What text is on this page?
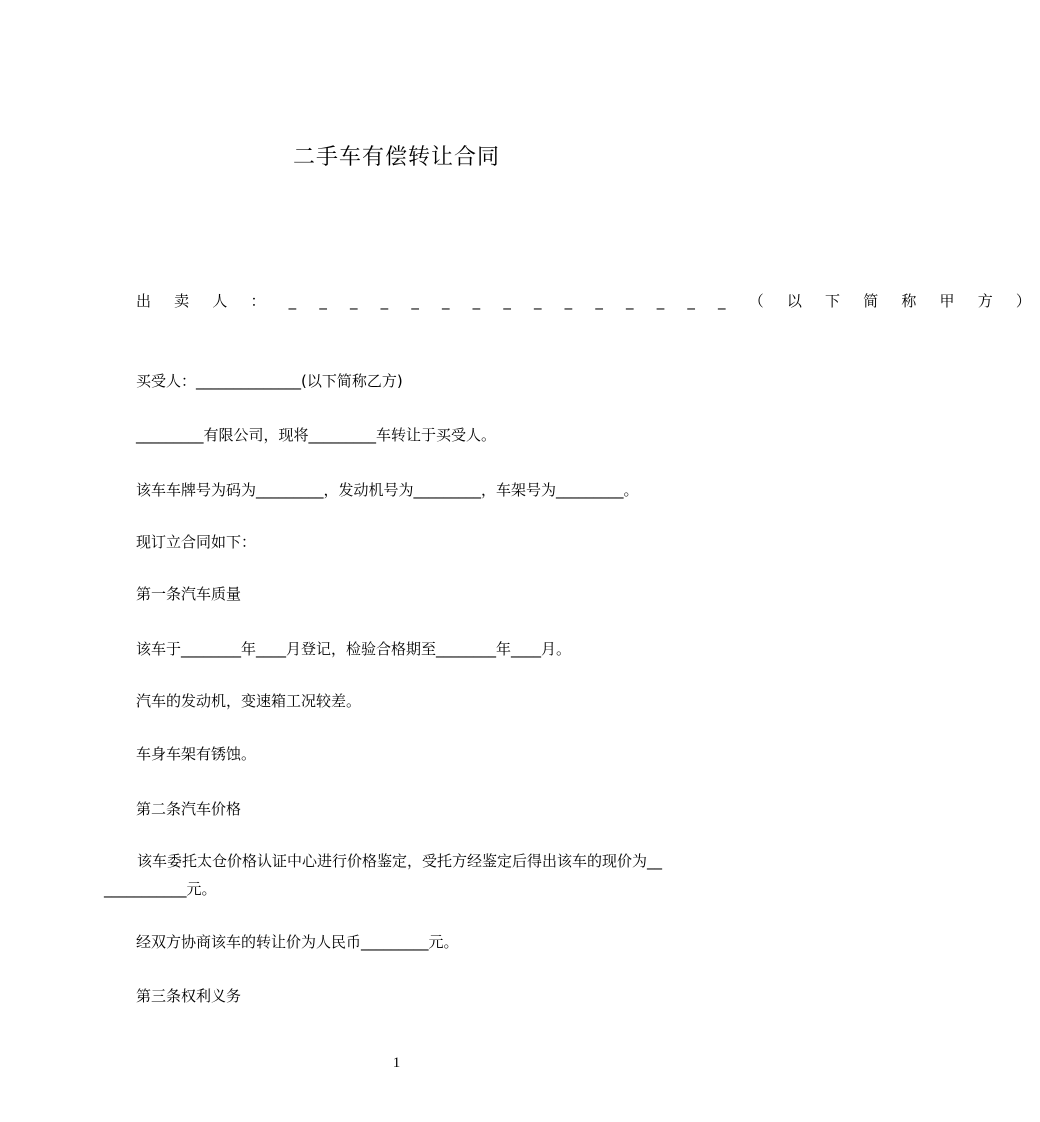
二手车有偿转让合同
出 卖 人 ： _ _ _ _ _ _ _ _ _ _ _ _ _ _ _ （ 以 下 简 称 甲 方 ）
买受人：______________(以下简称乙方)
_________有限公司，现将_________车转让于买受人。
该车车牌号为码为_________，发动机号为_________，车架号为_________。
现订立合同如下：
第一条汽车质量
该车于________年____月登记，检验合格期至________年____月。
汽车的发动机，变速箱工况较差。
车身车架有锈蚀。
第二条汽车价格
该车委托太仓价格认证中心进行价格鉴定，受托方经鉴定后得出该车的现价为__
___________元。
经双方协商该车的转让价为人民币_________元。
第三条权利义务
1
